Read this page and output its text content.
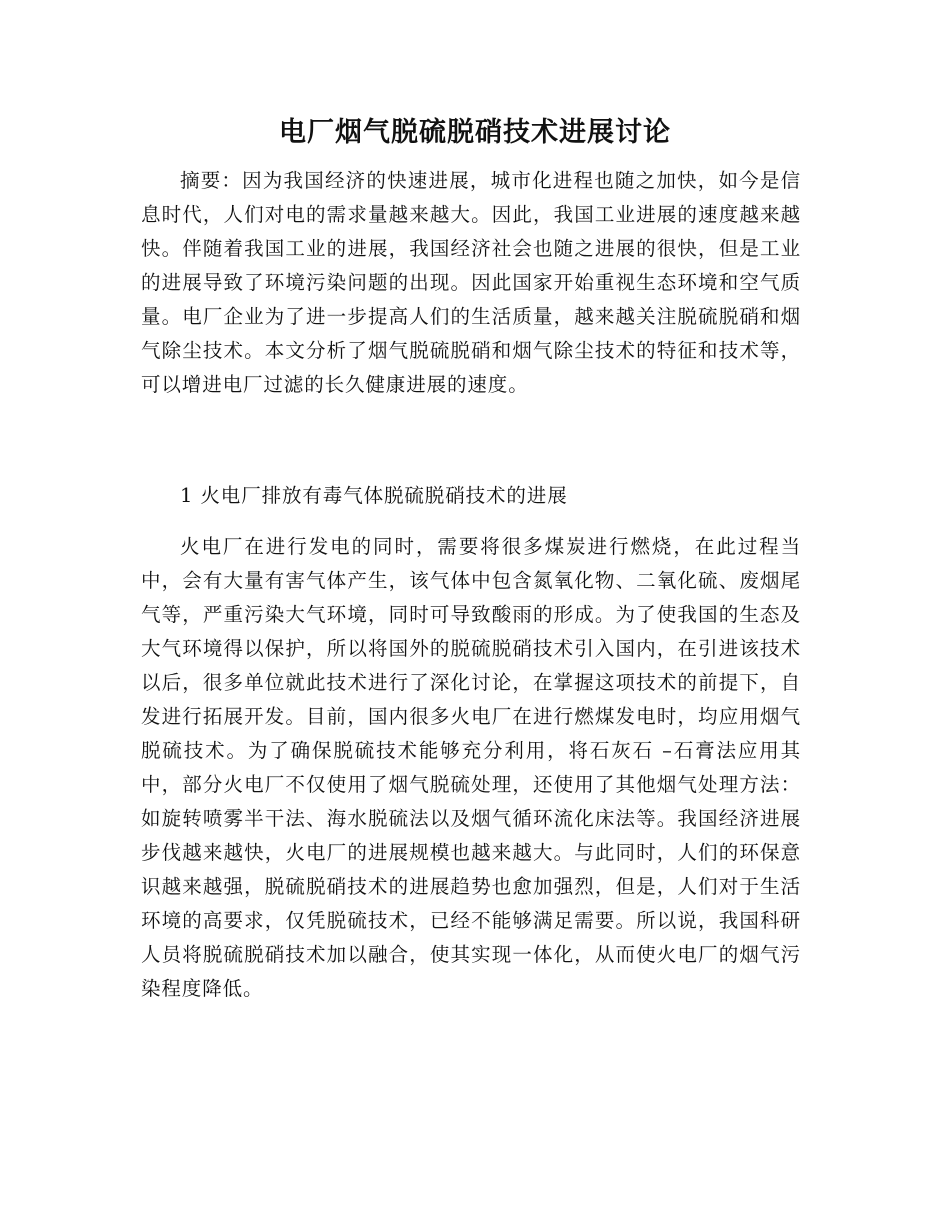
电厂烟气脱硫脱硝技术进展讨论

摘要：因为我国经济的快速进展，城市化进程也随之加快，如今是信息时代，人们对电的需求量越来越大。因此，我国工业进展的速度越来越快。伴随着我国工业的进展，我国经济社会也随之进展的很快，但是工业的进展导致了环境污染问题的出现。因此国家开始重视生态环境和空气质量。电厂企业为了进一步提高人们的生活质量，越来越关注脱硫脱硝和烟气除尘技术。本文分析了烟气脱硫脱硝和烟气除尘技术的特征和技术等，可以增进电厂过滤的长久健康进展的速度。

1 火电厂排放有毒气体脱硫脱硝技术的进展

火电厂在进行发电的同时，需要将很多煤炭进行燃烧，在此过程当中，会有大量有害气体产生，该气体中包含氮氧化物、二氧化硫、废烟尾气等，严重污染大气环境，同时可导致酸雨的形成。为了使我国的生态及大气环境得以保护，所以将国外的脱硫脱硝技术引入国内，在引进该技术以后，很多单位就此技术进行了深化讨论，在掌握这项技术的前提下，自发进行拓展开发。目前，国内很多火电厂在进行燃煤发电时，均应用烟气脱硫技术。为了确保脱硫技术能够充分利用，将石灰石 –石膏法应用其中，部分火电厂不仅使用了烟气脱硫处理，还使用了其他烟气处理方法：如旋转喷雾半干法、海水脱硫法以及烟气循环流化床法等。我国经济进展步伐越来越快，火电厂的进展规模也越来越大。与此同时，人们的环保意识越来越强，脱硫脱硝技术的进展趋势也愈加强烈，但是，人们对于生活环境的高要求，仅凭脱硫技术，已经不能够满足需要。所以说，我国科研人员将脱硫脱硝技术加以融合，使其实现一体化，从而使火电厂的烟气污染程度降低。
